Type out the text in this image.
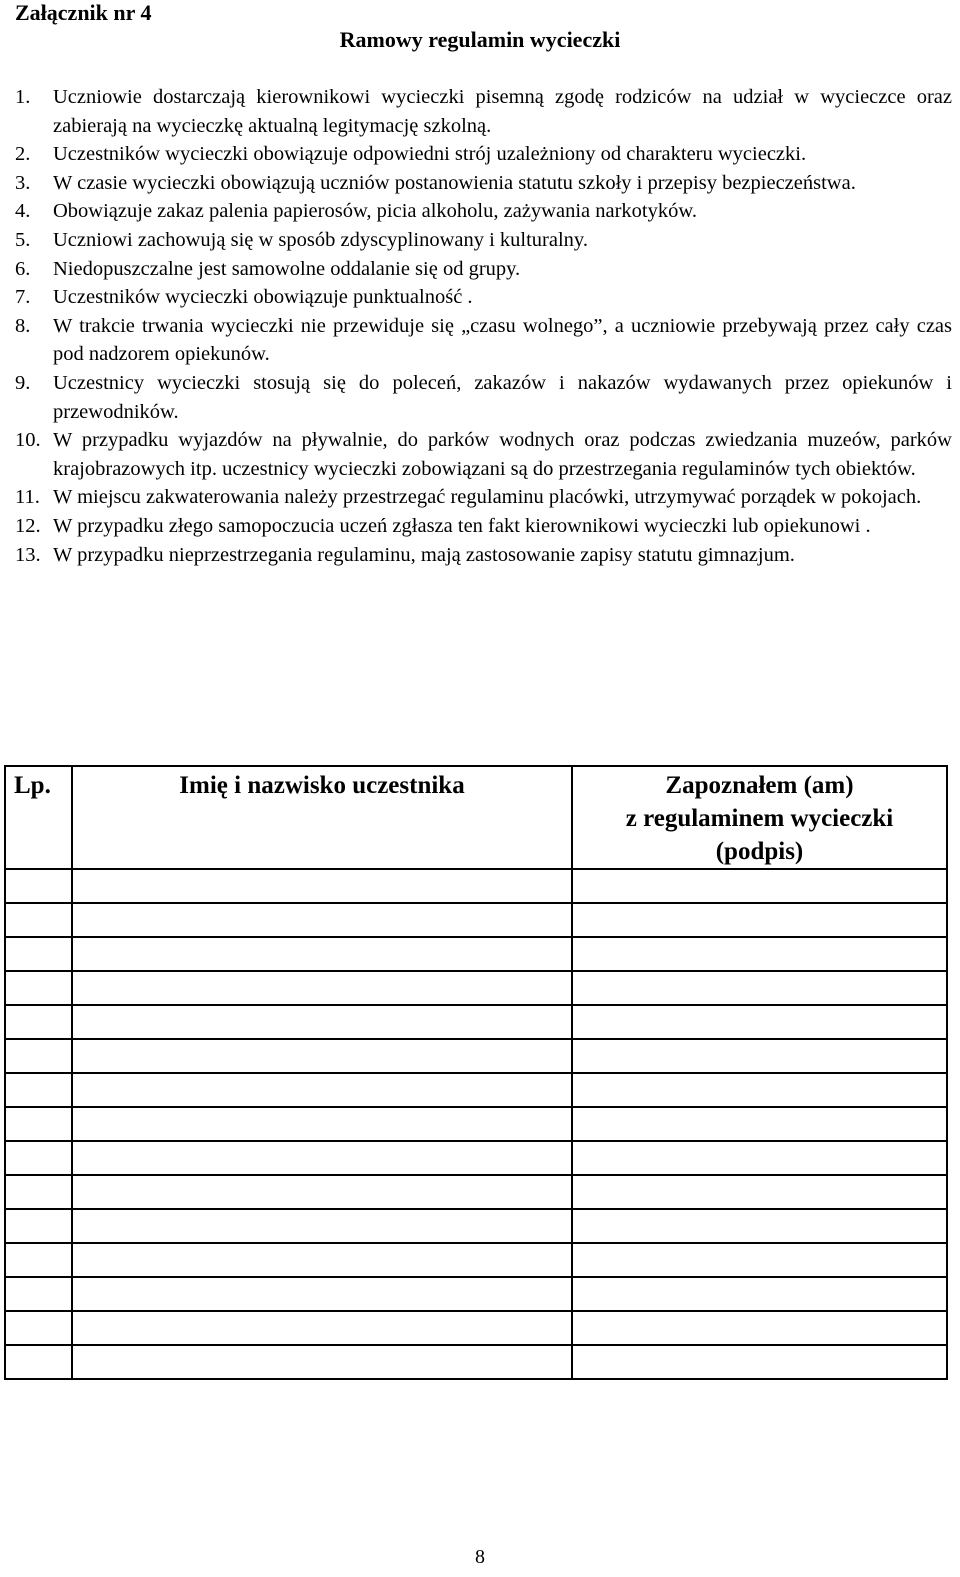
Załącznik nr 4
Ramowy regulamin wycieczki
1.	Uczniowie dostarczają kierownikowi wycieczki pisemną zgodę rodziców na udział w wycieczce oraz zabierają na wycieczkę aktualną legitymację szkolną.
2.	Uczestników wycieczki obowiązuje odpowiedni strój uzależniony od charakteru wycieczki.
3.	W czasie wycieczki obowiązują uczniów postanowienia statutu szkoły i przepisy bezpieczeństwa.
4.	Obowiązuje zakaz palenia papierosów, picia alkoholu, zażywania narkotyków.
5.	Uczniowi zachowują się w sposób zdyscyplinowany i kulturalny.
6.	Niedopuszczalne jest samowolne oddalanie się od grupy.
7.	Uczestników wycieczki obowiązuje punktualność .
8.	W trakcie trwania wycieczki nie przewiduje się „czasu wolnego”, a uczniowie przebywają przez cały czas pod nadzorem opiekunów.
9.	Uczestnicy wycieczki stosują się do poleceń, zakazów i nakazów wydawanych przez opiekunów i przewodników.
10. W przypadku wyjazdów na pływalnie, do parków wodnych oraz podczas zwiedzania muzeów, parków krajobrazowych itp. uczestnicy wycieczki zobowiązani są do przestrzegania regulaminów tych obiektów.
11. W miejscu zakwaterowania należy przestrzegać regulaminu placówki, utrzymywać porządek w pokojach.
12. W przypadku złego samopoczucia uczeń zgłasza ten fakt kierownikowi wycieczki lub opiekunowi .
13. W przypadku nieprzestrzegania regulaminu, mają zastosowanie zapisy statutu gimnazjum.
Lp.	Imię i nazwisko uczestnika	Zapoznałem (am)
z regulaminem wycieczki
(podpis)

8
